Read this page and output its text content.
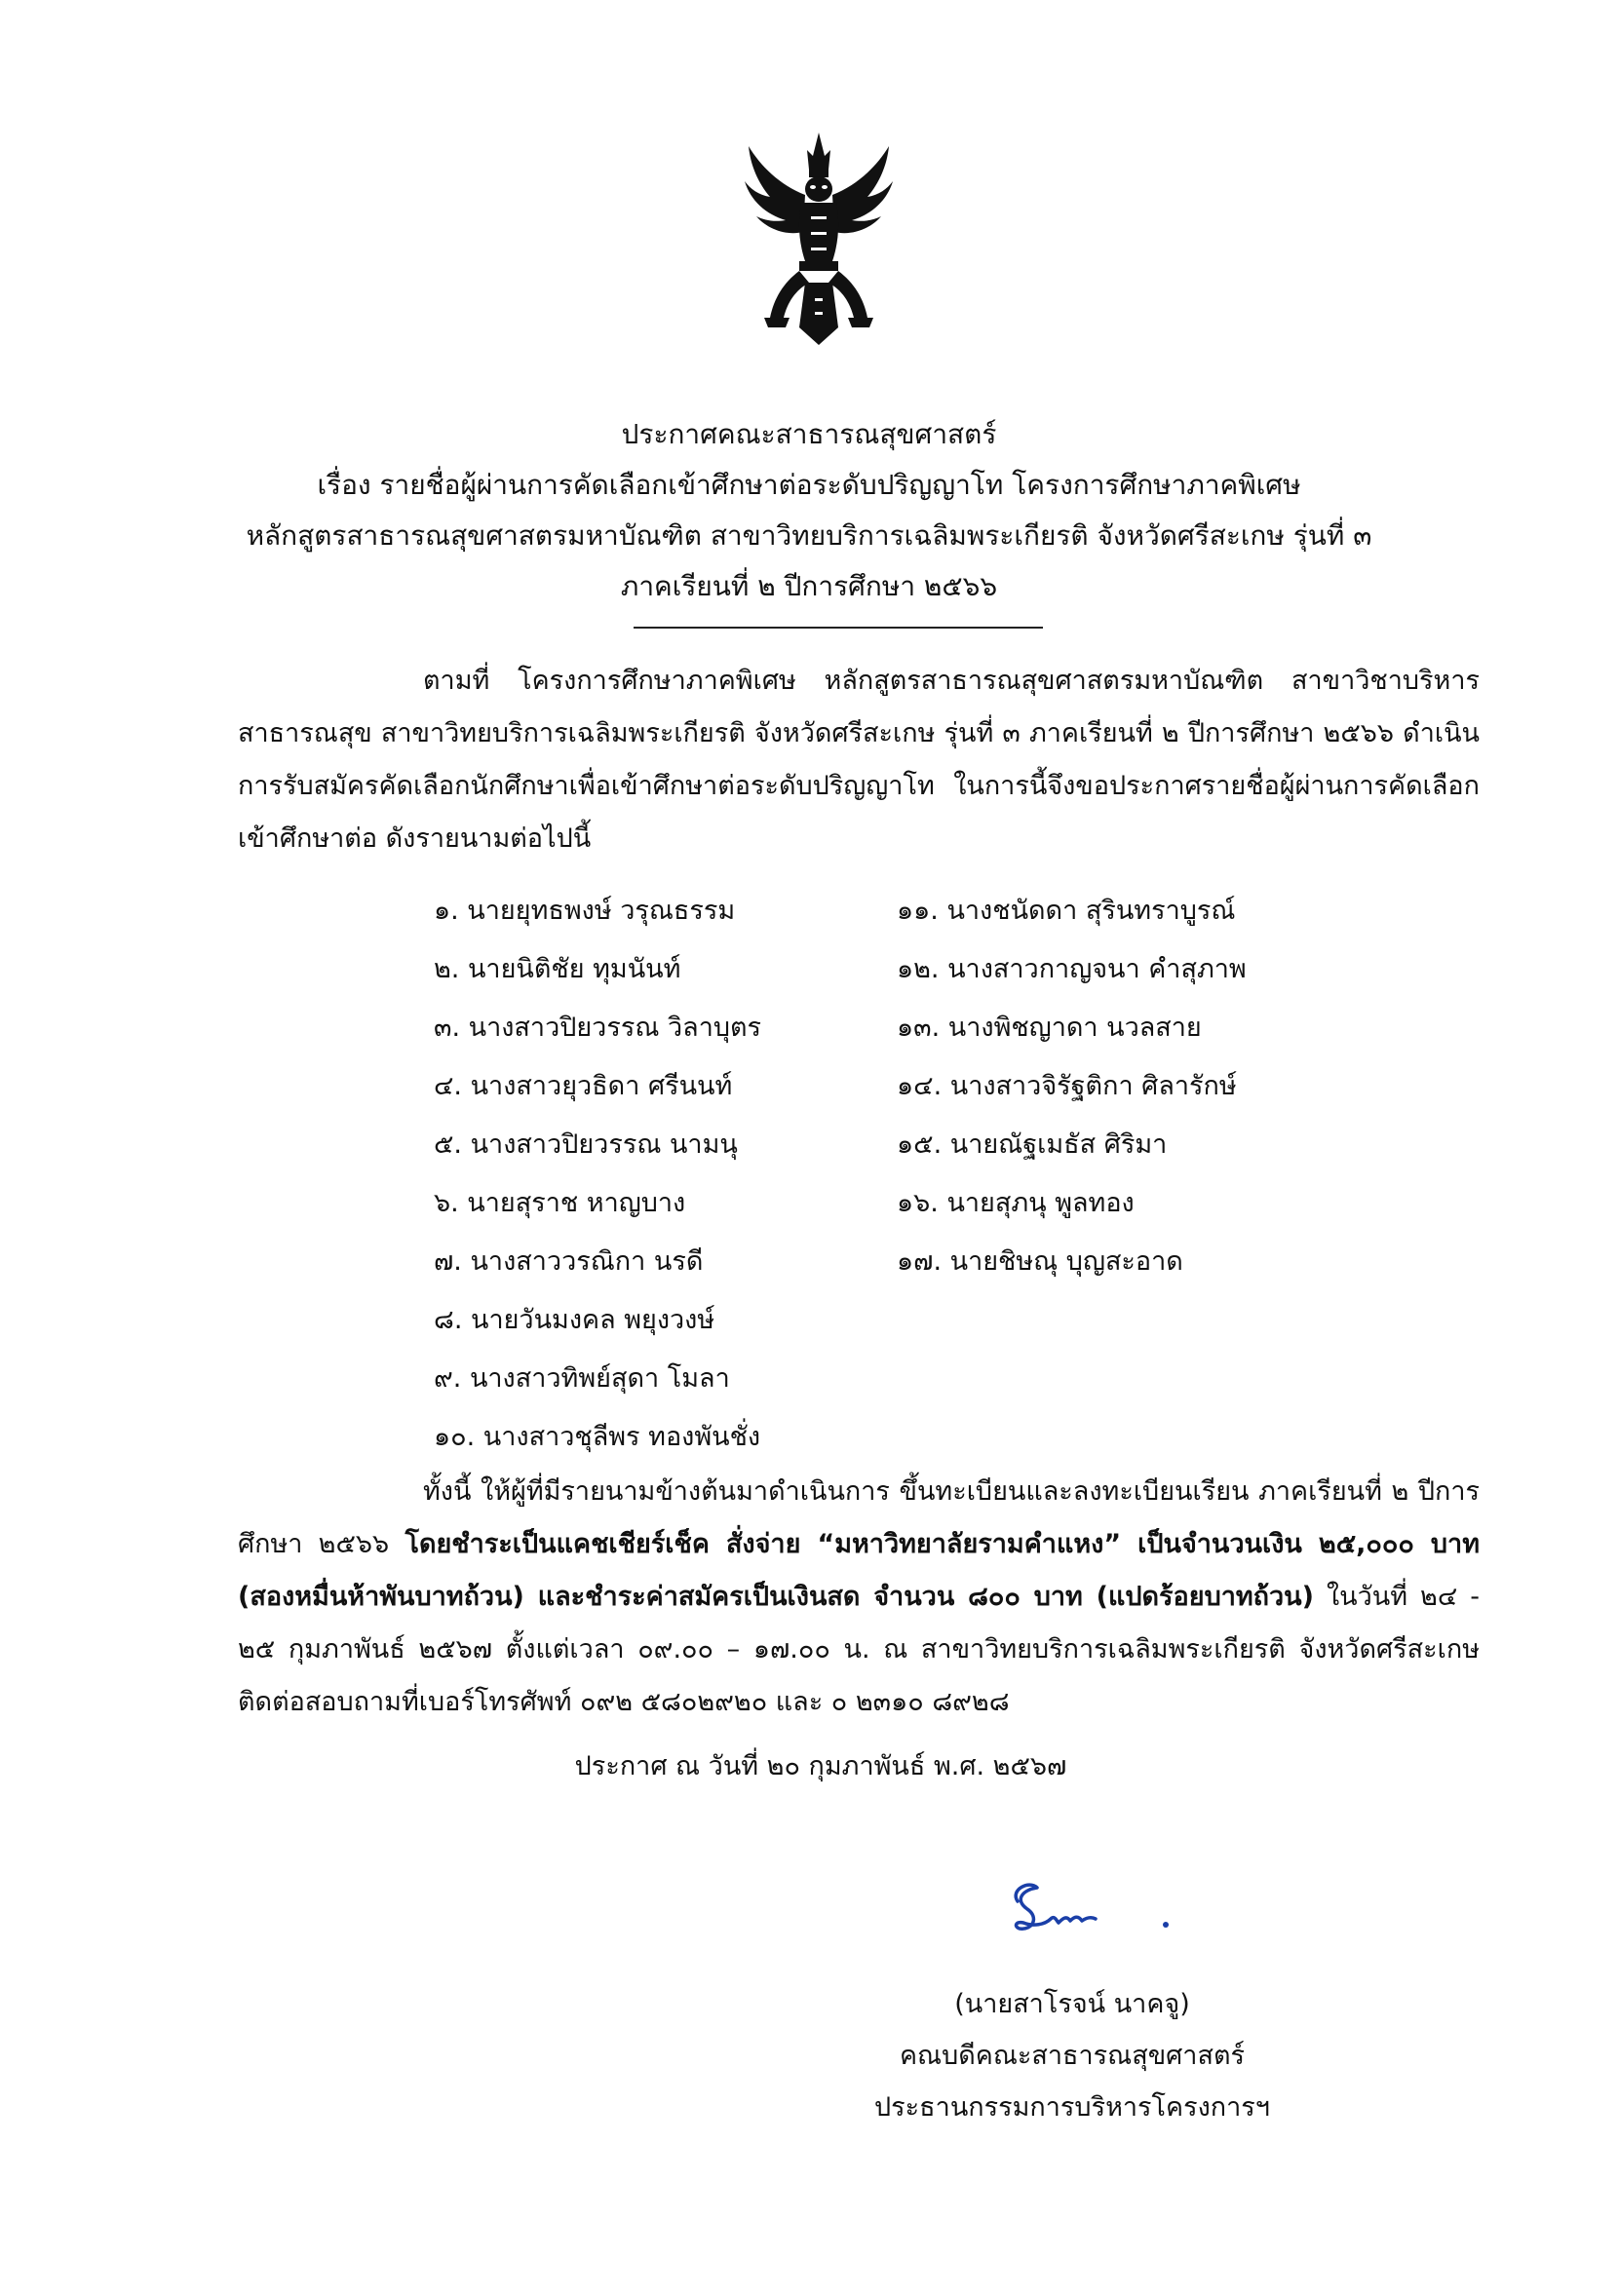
ประกาศคณะสาธารณสุขศาสตร์
เรื่อง รายชื่อผู้ผ่านการคัดเลือกเข้าศึกษาต่อระดับปริญญาโท โครงการศึกษาภาคพิเศษ
หลักสูตรสาธารณสุขศาสตรมหาบัณฑิต สาขาวิทยบริการเฉลิมพระเกียรติ จังหวัดศรีสะเกษ รุ่นที่ ๓
ภาคเรียนที่ ๒ ปีการศึกษา ๒๕๖๖
ตามที่ โครงการศึกษาภาคพิเศษ หลักสูตรสาธารณสุขศาสตรมหาบัณฑิต สาขาวิชาบริหารสาธารณสุข สาขาวิทยบริการเฉลิมพระเกียรติ จังหวัดศรีสะเกษ รุ่นที่ ๓ ภาคเรียนที่ ๒ ปีการศึกษา ๒๕๖๖ ดำเนินการรับสมัครคัดเลือกนักศึกษาเพื่อเข้าศึกษาต่อระดับปริญญาโท ในการนี้จึงขอประกาศรายชื่อผู้ผ่านการคัดเลือกเข้าศึกษาต่อ ดังรายนามต่อไปนี้
๑. นายยุทธพงษ์ วรุณธรรม
๒. นายนิติชัย ทุมนันท์
๓. นางสาวปิยวรรณ วิลาบุตร
๔. นางสาวยุวธิดา ศรีนนท์
๕. นางสาวปิยวรรณ นามนุ
๖. นายสุราช หาญบาง
๗. นางสาววรณิกา นรดี
๘. นายวันมงคล พยุงวงษ์
๙. นางสาวทิพย์สุดา โมลา
๑๐. นางสาวชุลีพร ทองพันชั่ง
๑๑. นางชนัดดา สุรินทราบูรณ์
๑๒. นางสาวกาญจนา คำสุภาพ
๑๓. นางพิชญาดา นวลสาย
๑๔. นางสาวจิรัฐติกา ศิลารักษ์
๑๕. นายณัฐเมธัส ศิริมา
๑๖. นายสุภนุ พูลทอง
๑๗. นายชิษณุ บุญสะอาด
ทั้งนี้ ให้ผู้ที่มีรายนามข้างต้นมาดำเนินการ ขึ้นทะเบียนและลงทะเบียนเรียน ภาคเรียนที่ ๒ ปีการศึกษา ๒๕๖๖ โดยชำระเป็นแคชเชียร์เช็ค สั่งจ่าย “มหาวิทยาลัยรามคำแหง” เป็นจำนวนเงิน ๒๕,๐๐๐ บาท (สองหมื่นห้าพันบาทถ้วน) และชำระค่าสมัครเป็นเงินสด จำนวน ๘๐๐ บาท (แปดร้อยบาทถ้วน) ในวันที่ ๒๔ - ๒๕ กุมภาพันธ์ ๒๕๖๗ ตั้งแต่เวลา ๐๙.๐๐ – ๑๗.๐๐ น. ณ สาขาวิทยบริการเฉลิมพระเกียรติ จังหวัดศรีสะเกษ ติดต่อสอบถามที่เบอร์โทรศัพท์ ๐๙๒ ๕๘๐๒๙๒๐ และ ๐ ๒๓๑๐ ๘๙๒๘
ประกาศ ณ วันที่ ๒๐ กุมภาพันธ์ พ.ศ. ๒๕๖๗
(นายสาโรจน์ นาคจู)
คณบดีคณะสาธารณสุขศาสตร์
ประธานกรรมการบริหารโครงการฯ
